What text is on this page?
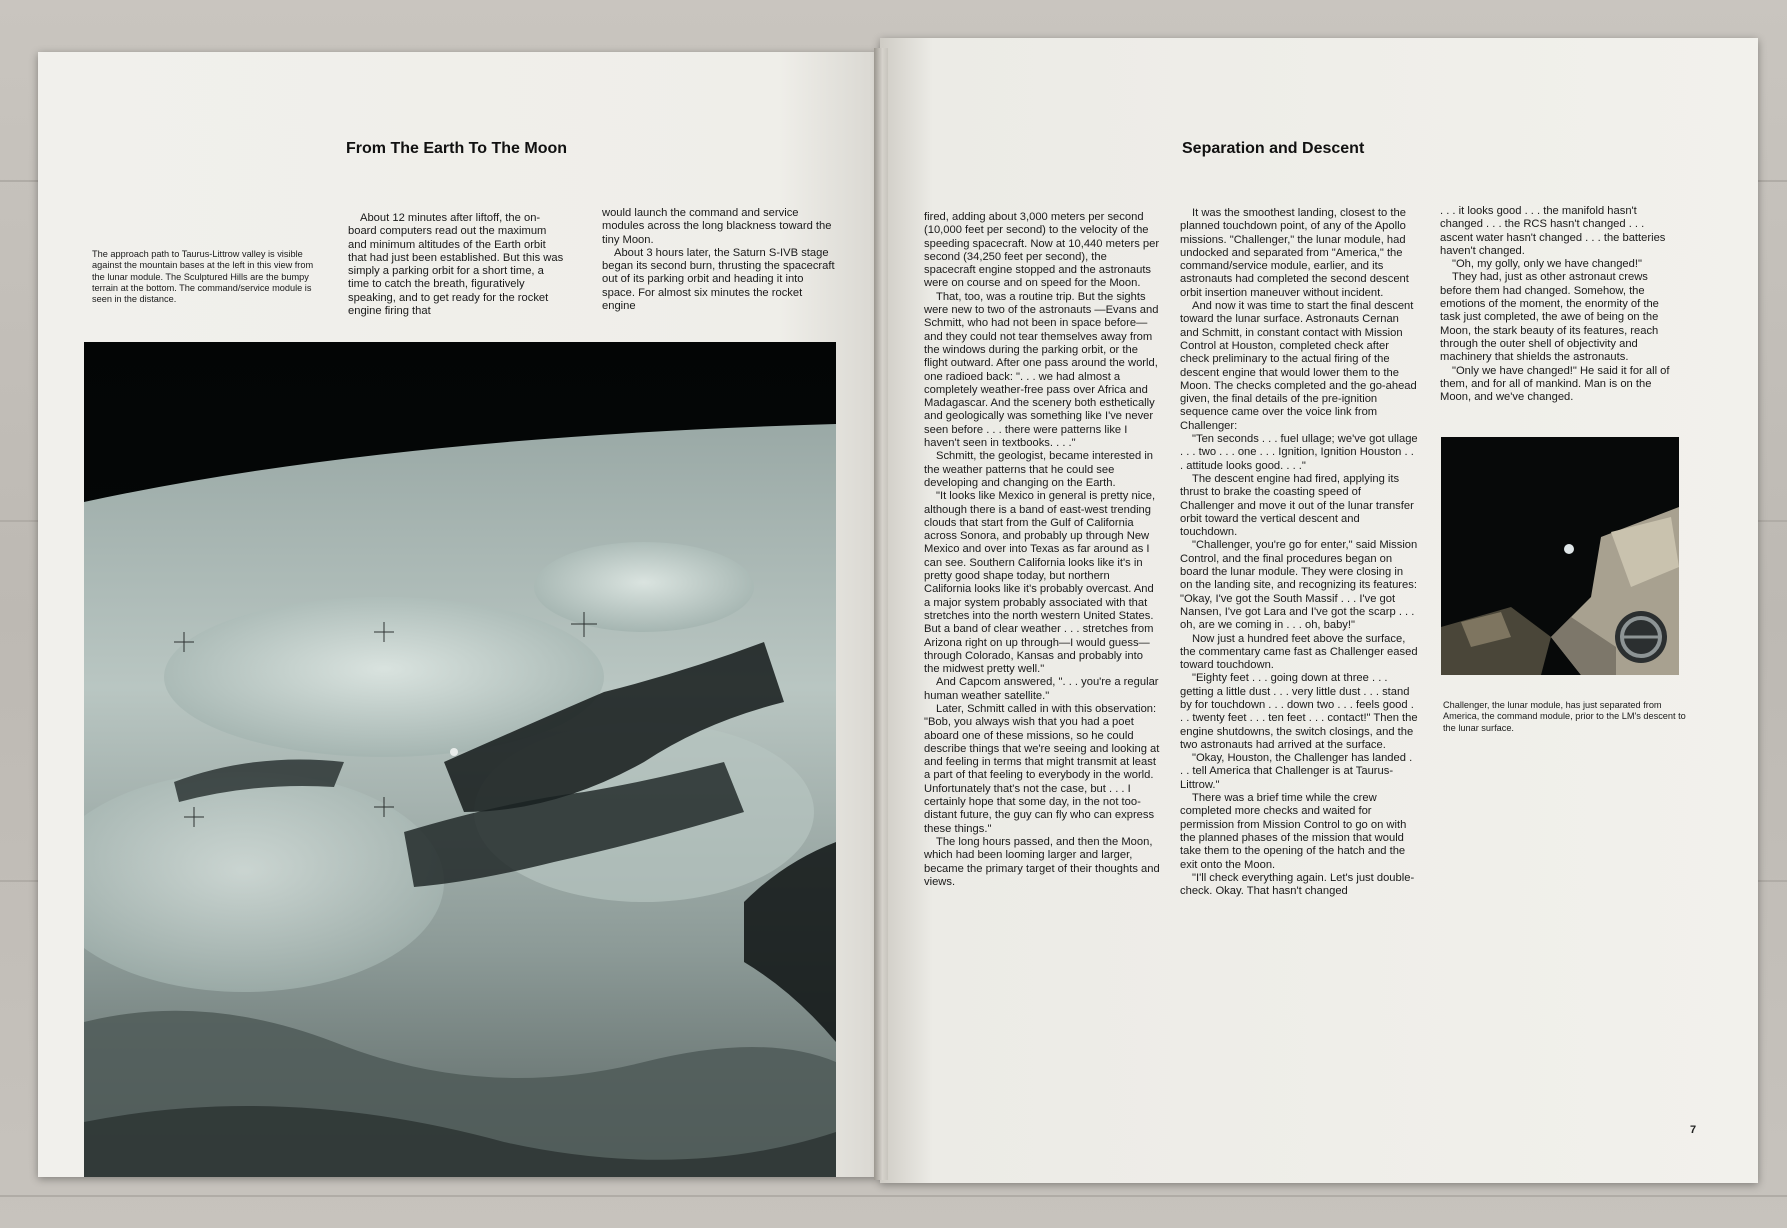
From The Earth To The Moon
The approach path to Taurus-Littrow valley is visible against the mountain bases at the left in this view from the lunar module. The Sculptured Hills are the bumpy terrain at the bottom. The command/service module is seen in the distance.

About 12 minutes after liftoff, the on-board computers read out the maximum and minimum altitudes of the Earth orbit that had just been established. But this was simply a parking orbit for a short time, a time to catch the breath, figuratively speaking, and to get ready for the rocket engine firing that

would launch the command and service modules across the long blackness toward the tiny Moon.

About 3 hours later, the Saturn S-IVB stage began its second burn, thrusting the spacecraft out of its parking orbit and heading it into space. For almost six minutes the rocket engine

Separation and Descent

fired, adding about 3,000 meters per second (10,000 feet per second) to the velocity of the speeding spacecraft. Now at 10,440 meters per second (34,250 feet per second), the spacecraft engine stopped and the astronauts were on course and on speed for the Moon.

That, too, was a routine trip. But the sights were new to two of the astronauts —Evans and Schmitt, who had not been in space before—and they could not tear themselves away from the windows during the parking orbit, or the flight outward. After one pass around the world, one radioed back: ". . . we had almost a completely weather-free pass over Africa and Madagascar. And the scenery both esthetically and geologically was something like I've never seen before . . . there were patterns like I haven't seen in textbooks. . . ."

Schmitt, the geologist, became interested in the weather patterns that he could see developing and changing on the Earth.

"It looks like Mexico in general is pretty nice, although there is a band of east-west trending clouds that start from the Gulf of California across Sonora, and probably up through New Mexico and over into Texas as far around as I can see. Southern California looks like it's in pretty good shape today, but northern California looks like it's probably overcast. And a major system probably associated with that stretches into the north western United States. But a band of clear weather . . . stretches from Arizona right on up through—I would guess—through Colorado, Kansas and probably into the midwest pretty well."

And Capcom answered, ". . . you're a regular human weather satellite."

Later, Schmitt called in with this observation: "Bob, you always wish that you had a poet aboard one of these missions, so he could describe things that we're seeing and looking at and feeling in terms that might transmit at least a part of that feeling to everybody in the world. Unfortunately that's not the case, but . . . I certainly hope that some day, in the not too-distant future, the guy can fly who can express these things."

The long hours passed, and then the Moon, which had been looming larger and larger, became the primary target of their thoughts and views.

It was the smoothest landing, closest to the planned touchdown point, of any of the Apollo missions. "Challenger," the lunar module, had undocked and separated from "America," the command/service module, earlier, and its astronauts had completed the second descent orbit insertion maneuver without incident.

And now it was time to start the final descent toward the lunar surface. Astronauts Cernan and Schmitt, in constant contact with Mission Control at Houston, completed check after check preliminary to the actual firing of the descent engine that would lower them to the Moon. The checks completed and the go-ahead given, the final details of the pre-ignition sequence came over the voice link from Challenger:

"Ten seconds . . . fuel ullage; we've got ullage . . . two . . . one . . . Ignition, Ignition Houston . . . attitude looks good. . . ."

The descent engine had fired, applying its thrust to brake the coasting speed of Challenger and move it out of the lunar transfer orbit toward the vertical descent and touchdown.

"Challenger, you're go for enter," said Mission Control, and the final procedures began on board the lunar module. They were closing in on the landing site, and recognizing its features: "Okay, I've got the South Massif . . . I've got Nansen, I've got Lara and I've got the scarp . . . oh, are we coming in . . . oh, baby!"

Now just a hundred feet above the surface, the commentary came fast as Challenger eased toward touchdown.

"Eighty feet . . . going down at three . . . getting a little dust . . . very little dust . . . stand by for touchdown . . . down two . . . feels good . . . twenty feet . . . ten feet . . . contact!" Then the engine shutdowns, the switch closings, and the two astronauts had arrived at the surface.

"Okay, Houston, the Challenger has landed . . . tell America that Challenger is at Taurus-Littrow."

There was a brief time while the crew completed more checks and waited for permission from Mission Control to go on with the planned phases of the mission that would take them to the opening of the hatch and the exit onto the Moon.

"I'll check everything again. Let's just double-check. Okay. That hasn't changed

. . . it looks good . . . the manifold hasn't changed . . . the RCS hasn't changed . . . ascent water hasn't changed . . . the batteries haven't changed.

"Oh, my golly, only we have changed!"

They had, just as other astronaut crews before them had changed. Somehow, the emotions of the moment, the enormity of the task just completed, the awe of being on the Moon, the stark beauty of its features, reach through the outer shell of objectivity and machinery that shields the astronauts.

"Only we have changed!" He said it for all of them, and for all of mankind. Man is on the Moon, and we've changed.

Challenger, the lunar module, has just separated from America, the command module, prior to the LM's descent to the lunar surface.
7
